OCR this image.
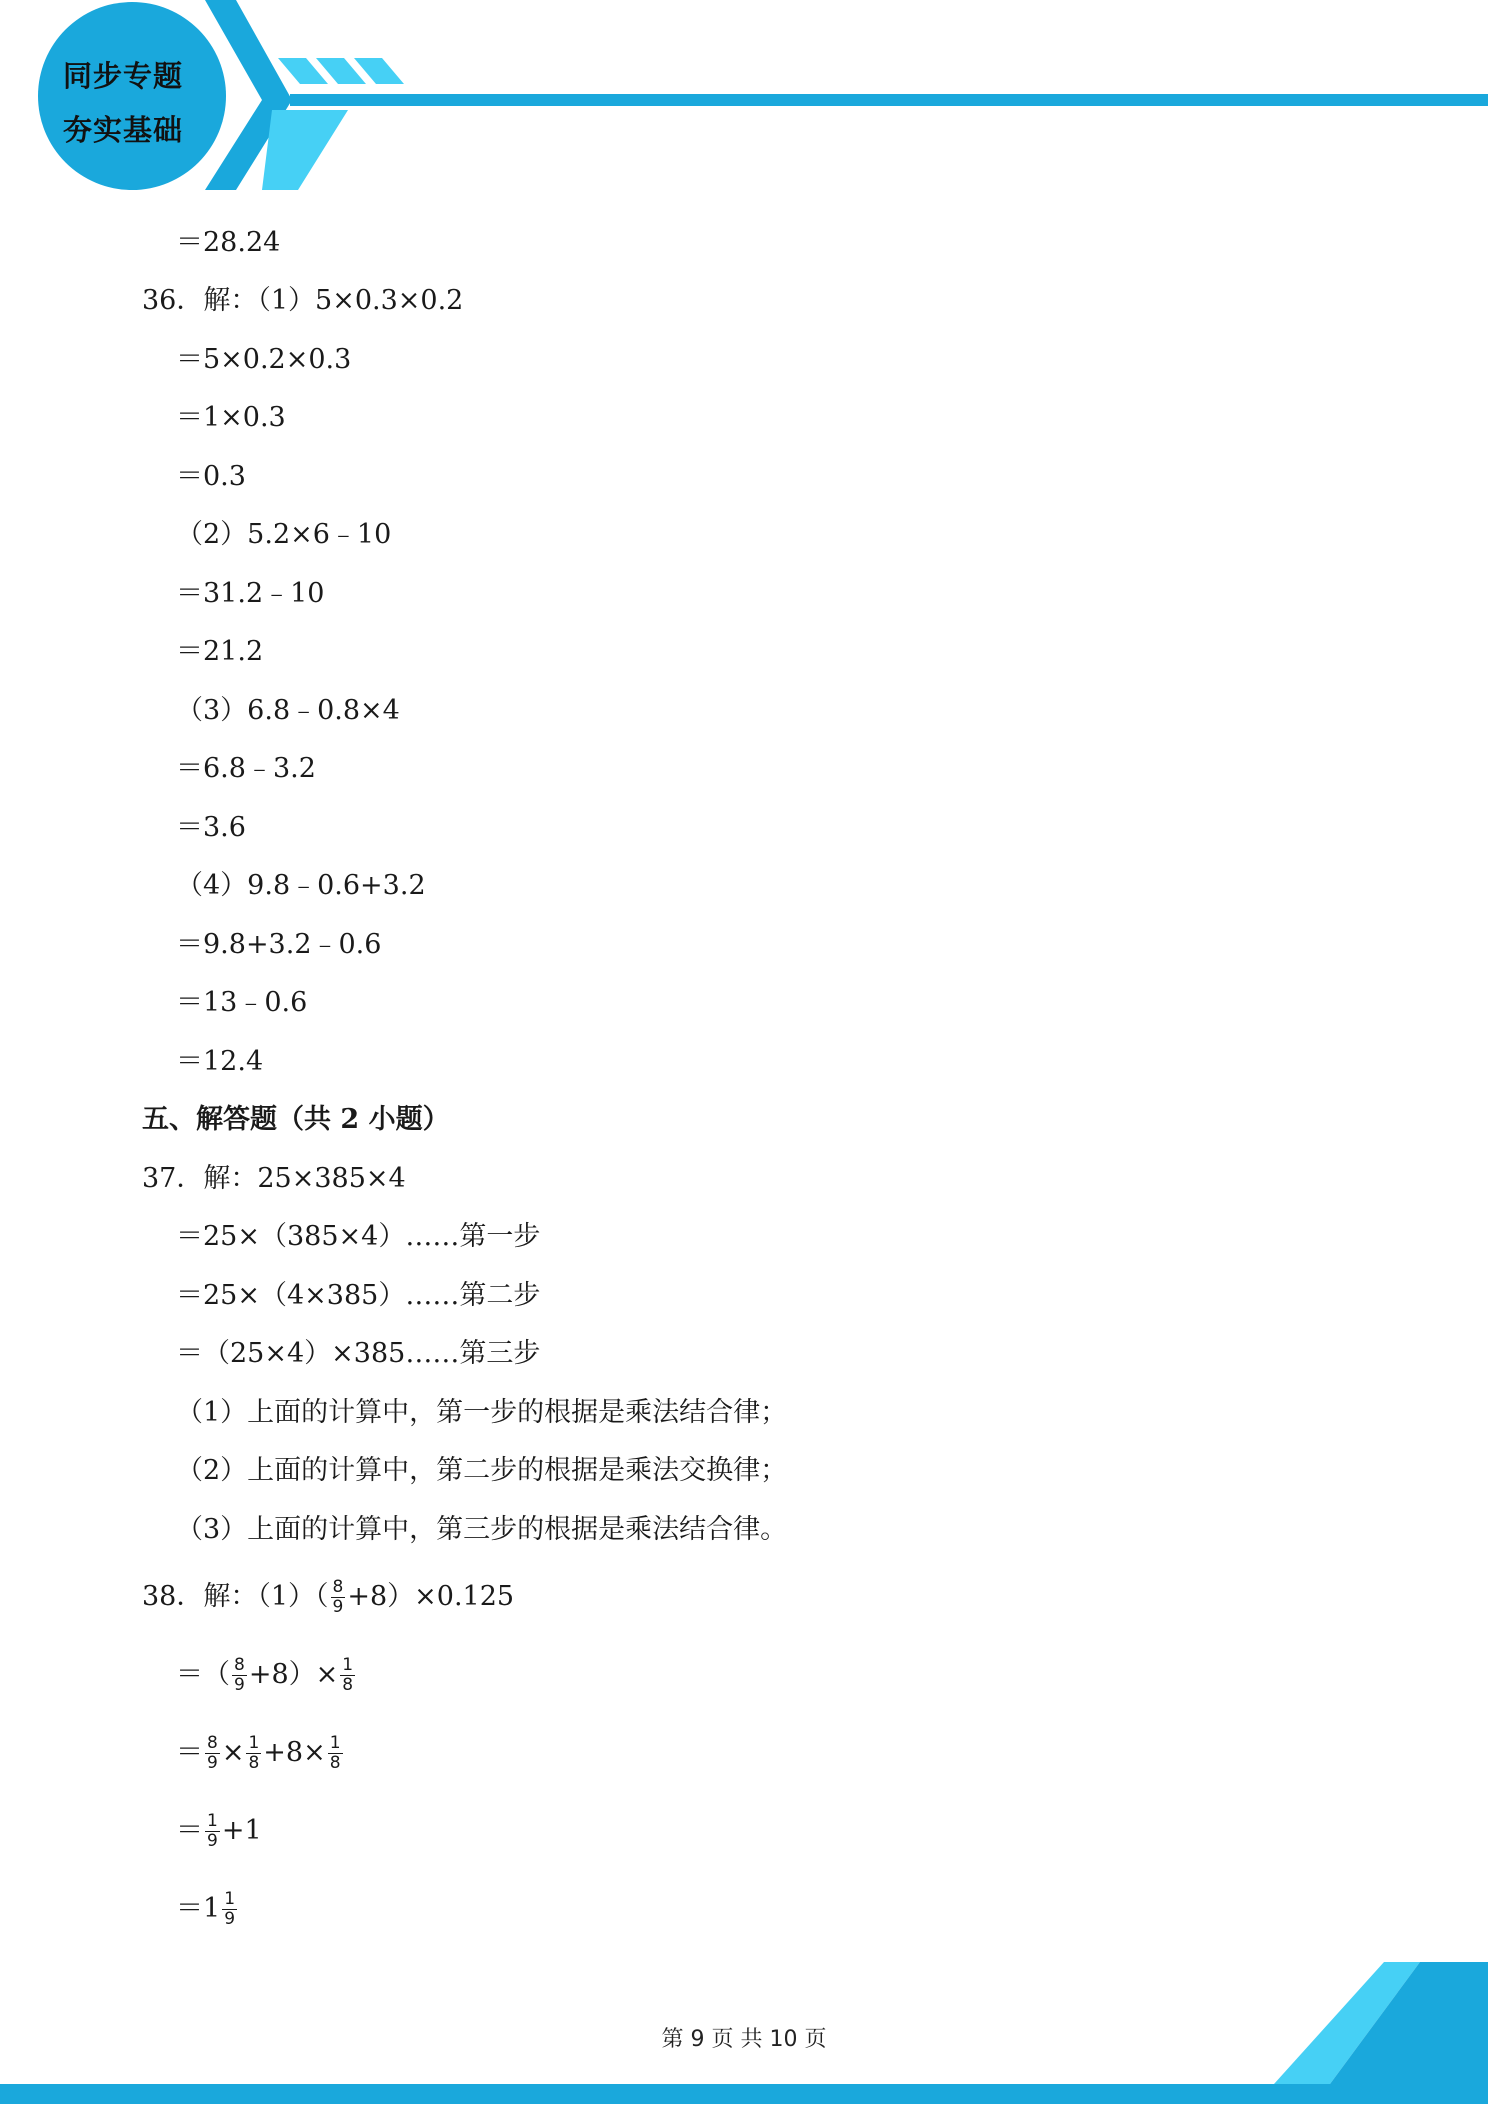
同步专题
夯实基础
＝28.24
36．解：（1）5×0.3×0.2
＝5×0.2×0.3
＝1×0.3
＝0.3
（2）5.2×6﹣10
＝31.2﹣10
＝21.2
（3）6.8﹣0.8×4
＝6.8﹣3.2
＝3.6
（4）9.8﹣0.6+3.2
＝9.8+3.2﹣0.6
＝13﹣0.6
＝12.4
五、解答题（共 2 小题）
37．解：25×385×4
＝25×（385×4）……第一步
＝25×（4×385）……第二步
＝（25×4）×385……第三步
（1）上面的计算中，第一步的根据是乘法结合律；
（2）上面的计算中，第二步的根据是乘法交换律；
（3）上面的计算中，第三步的根据是乘法结合律。
38．解：$(1)( \frac{8}{9} +8)\times 0.125$
＝（ $\frac{8}{9} +8)\times \frac{1}{8}$
＝ $\frac{8}{9} \times \frac{1}{8} +8\times \frac{1}{8}$
＝ $\frac{1}{9} +1$
$=1 \frac{1}{9}$
第 9 页 共 10 页
